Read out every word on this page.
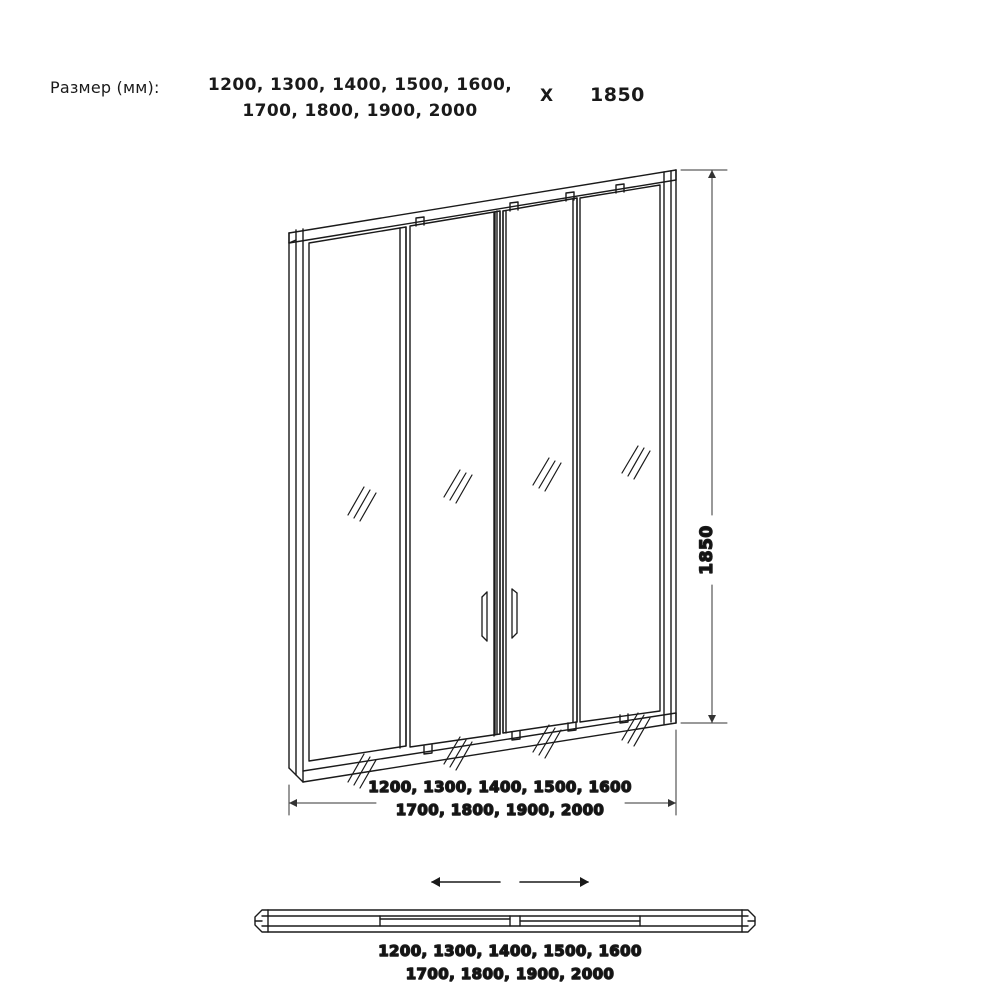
Размер (мм):	1200, 1300, 1400, 1500, 1600,
1700, 1800, 1900, 2000
X 1850
1850
1200, 1300, 1400, 1500, 1600
1700, 1800, 1900, 2000
1200, 1300, 1400, 1500, 1600
1700, 1800, 1900, 2000
